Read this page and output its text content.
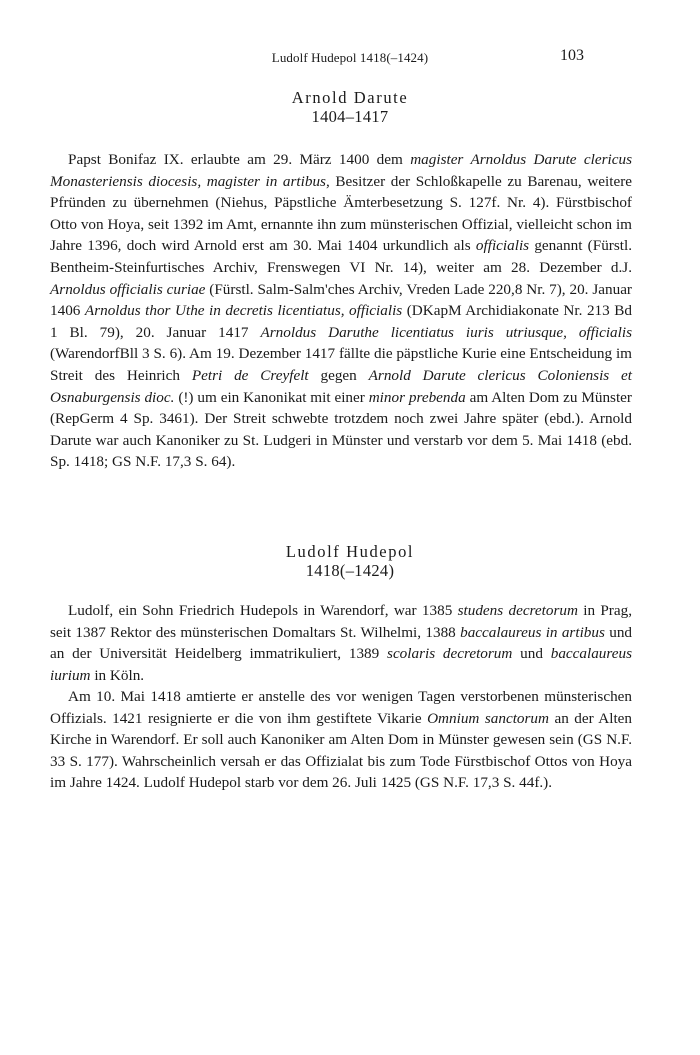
Ludolf Hudepol 1418(–1424)	103
Arnold Darute
1404–1417

Papst Bonifaz IX. erlaubte am 29. März 1400 dem magister Arnoldus Darute clericus Monasteriensis diocesis, magister in artibus, Besitzer der Schloßkapelle zu Barenau, weitere Pfründen zu übernehmen (Niehus, Päpstliche Ämterbesetzung S. 127f. Nr. 4). Fürstbischof Otto von Hoya, seit 1392 im Amt, ernannte ihn zum münsterischen Offizial, vielleicht schon im Jahre 1396, doch wird Arnold erst am 30. Mai 1404 urkundlich als officialis genannt (Fürstl. Bentheim-Steinfurtisches Archiv, Frenswegen VI Nr. 14), weiter am 28. Dezember d.J. Arnoldus officialis curiae (Fürstl. Salm-Salm'ches Archiv, Vreden Lade 220,8 Nr. 7), 20. Januar 1406 Arnoldus thor Uthe in decretis licentiatus, officialis (DKapM Archidiakonate Nr. 213 Bd 1 Bl. 79), 20. Januar 1417 Arnoldus Daruthe licentiatus iuris utriusque, officialis (WarendorfBll 3 S. 6). Am 19. Dezember 1417 fällte die päpstliche Kurie eine Entscheidung im Streit des Heinrich Petri de Creyfelt gegen Arnold Darute clericus Coloniensis et Osnaburgensis dioc. (!) um ein Kanonikat mit einer minor prebenda am Alten Dom zu Münster (RepGerm 4 Sp. 3461). Der Streit schwebte trotzdem noch zwei Jahre später (ebd.). Arnold Darute war auch Kanoniker zu St. Ludgeri in Münster und verstarb vor dem 5. Mai 1418 (ebd. Sp. 1418; GS N.F. 17,3 S. 64).

Ludolf Hudepol
1418(–1424)

Ludolf, ein Sohn Friedrich Hudepols in Warendorf, war 1385 studens decretorum in Prag, seit 1387 Rektor des münsterischen Domaltars St. Wilhelmi, 1388 baccalaureus in artibus und an der Universität Heidelberg immatrikuliert, 1389 scolaris decretorum und baccalaureus iurium in Köln.

Am 10. Mai 1418 amtierte er anstelle des vor wenigen Tagen verstorbenen münsterischen Offizials. 1421 resignierte er die von ihm gestiftete Vikarie Omnium sanctorum an der Alten Kirche in Warendorf. Er soll auch Kanoniker am Alten Dom in Münster gewesen sein (GS N.F. 33 S. 177). Wahrscheinlich versah er das Offizialat bis zum Tode Fürstbischof Ottos von Hoya im Jahre 1424. Ludolf Hudepol starb vor dem 26. Juli 1425 (GS N.F. 17,3 S. 44f.).
